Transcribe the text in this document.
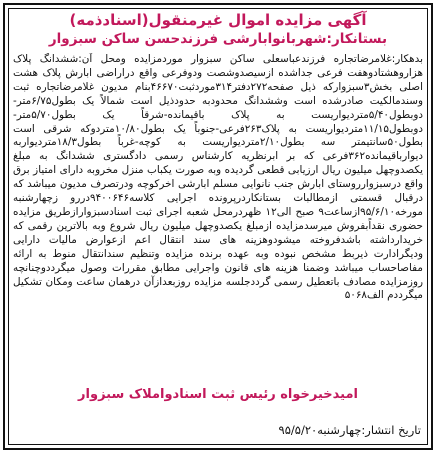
آگهی مزایده اموال غیرمنقول(اسنادذمه)
بستانکار:شهربانوابارشی فرزندحسن ساکن سبزوار
بدهکار:غلامرضاتجاره فرزندعباسعلی ساکن سبزوار موردمزایده ومحل آن:ششدانگ پلاک هزاروهشتادوهفت فرعی جداشده ازسیصدوشصت ودوفرعی واقع دراراضی ابارش پلاک هشت اصلی بخش۳سبزوارکه ذیل صفحه۲۷۲دفتر۳۱۴موردثبت۴۶۶۷۰بنام مدیون غلامرضاتجاره ثبت وسندمالکیت صادرشده است وششدانگ محدودبه حدودذیل است شمالاً یک بطول۶/۷۵متر-دوبطول۵/۴۰متردیواریست به پلاک باقیمانده-شرقاً یک بطول۵/۷۰متر-دوبطول۱۱/۱۵متردیواریست به پلاک۲۶۳فرعی-جنوباً یک بطول۱۰/۸۰متردوکه شرقی است بطول۵۰سانتیمتر سه بطول۲/۱۰متردیواریست به کوچه-غرباً بطول۱۸/۳متردیواربه دیوارباقیمانده۳۶۲فرعی که بر ابرنظریه کارشناس رسمی دادگستری ششدانگ به مبلغ یکصدوچهل میلیون ریال ارزیابی قطعی گردیده وبه صورت یکباب منزل مخروبه دارای امتیاز برق واقع درسبزوارروستای ابارش جنب نانوایی مسلم ابارشی اخرکوچه ودرتصرف مدیون میباشد که درقبال قسمتی ازمطالبات بستانکاردرپرونده اجرایی کلاسه۹۴۰۰۶۴۶دررو زچهارشنبه مورخه۹۵/۶/۱۰ازساعت۹ صبح الی۱۲ ظهردرمحل شعبه اجرای ثبت اسنادسبزوارازطریق مزایده حضوری نقداًبفروش میرسدمزایده ازمبلغ یکصدوچهل میلیون ریال شروع وبه بالاترین رقمی که خریدارداشته باشدفروخته میشودوهزینه های سند انتقال اعم ازعوارض مالیات دارایی ودیگرادارت ذیربط مشخص نبوده وبه عهده برنده مزایده وتنظیم سندانتقال منوط به ارائه مفاصاحساب میباشد وضمنا هزینه های قانون واجرایی مطابق مقررات وصول میگرددوچنانچه روزمزایده مصادف باتعطیل رسمی گرددجلسه مزایده روزبعدازآن درهمان ساعت ومکان تشکیل میگرددم الف۵۰۶۸
امیدخیرخواه رئیس ثبت اسنادواملاک سبزوار
تاریخ انتشار:چهارشنبه۹۵/۵/۲۰
